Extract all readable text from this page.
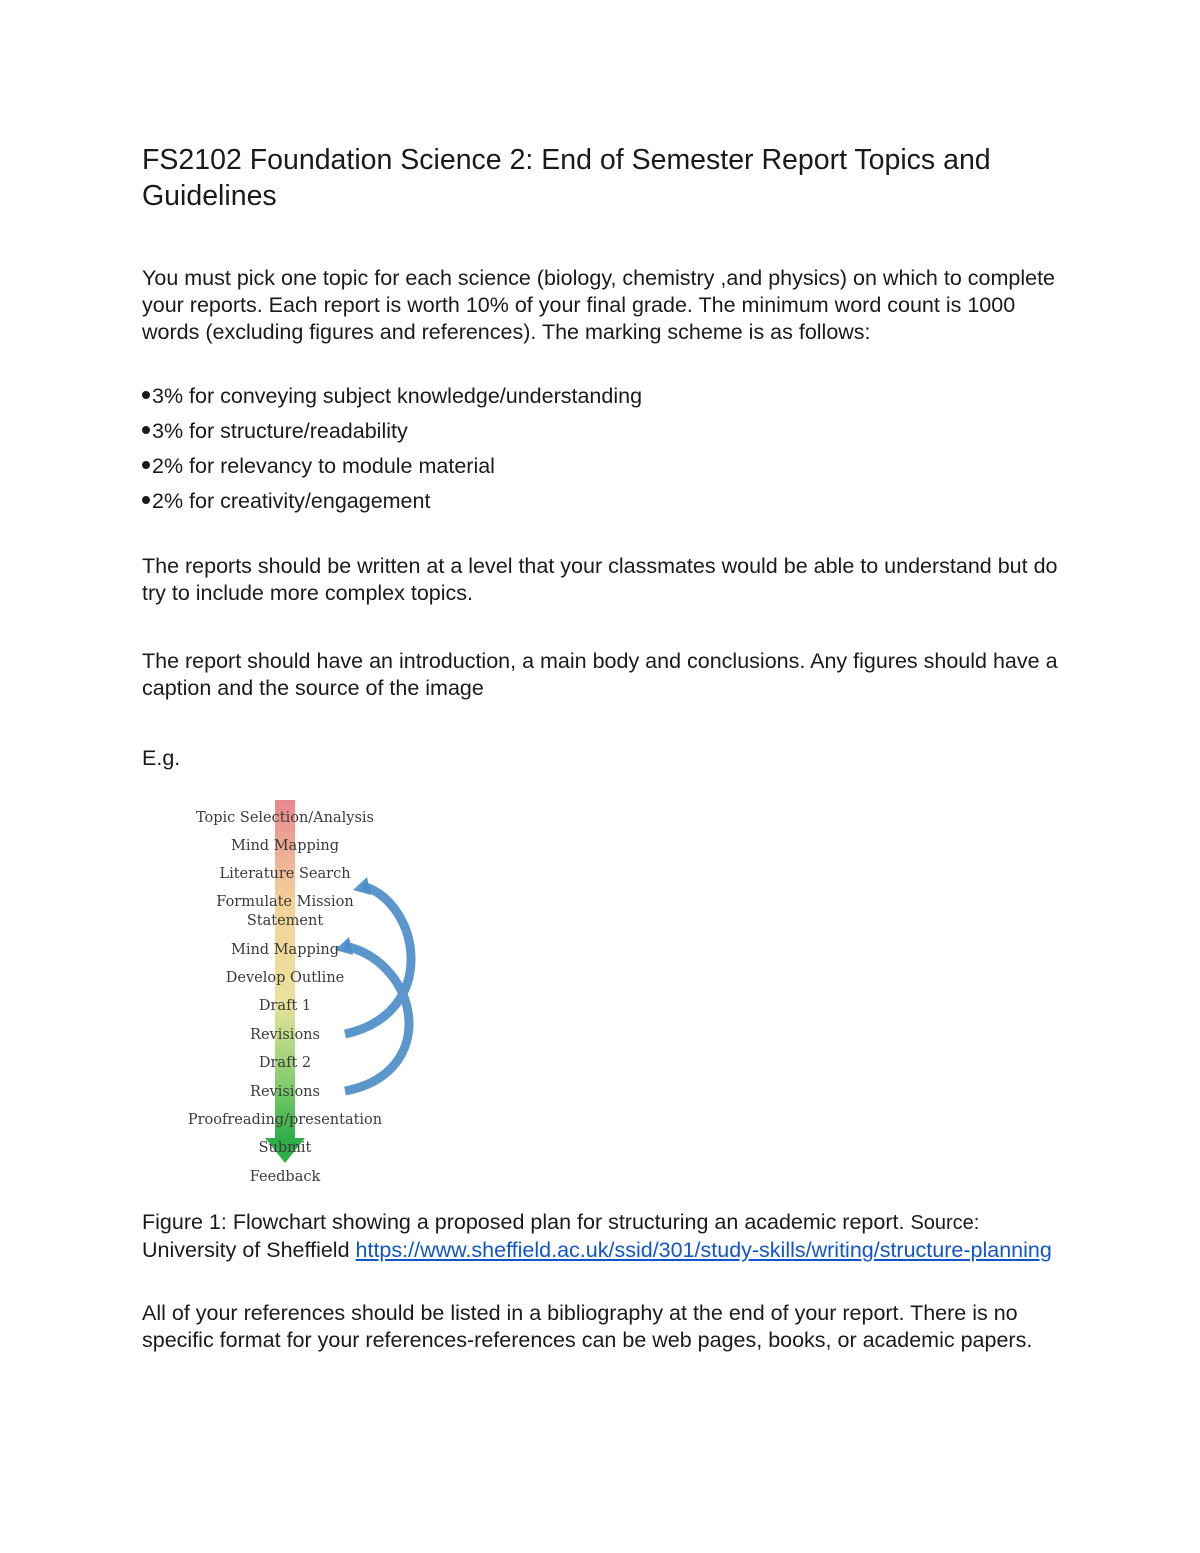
FS2102 Foundation Science 2: End of Semester Report Topics and Guidelines

You must pick one topic for each science (biology, chemistry ,and physics) on which to complete your reports. Each report is worth 10% of your final grade. The minimum word count is 1000 words (excluding figures and references). The marking scheme is as follows:

3% for conveying subject knowledge/understanding
3% for structure/readability
2% for relevancy to module material
2% for creativity/engagement

The reports should be written at a level that your classmates would be able to understand but do try to include more complex topics.

The report should have an introduction, a main body and conclusions. Any figures should have a caption and the source of the image

E.g.

Topic Selection/Analysis
Mind Mapping
Literature Search
Formulate Mission Statement
Mind Mapping
Develop Outline
Draft 1
Revisions
Draft 2
Revisions
Proofreading/presentation
Submit
Feedback

Figure 1: Flowchart showing a proposed plan for structuring an academic report. Source:
University of Sheffield https://www.sheffield.ac.uk/ssid/301/study-skills/writing/structure-planning

All of your references should be listed in a bibliography at the end of your report. There is no specific format for your references-references can be web pages, books, or academic papers.
